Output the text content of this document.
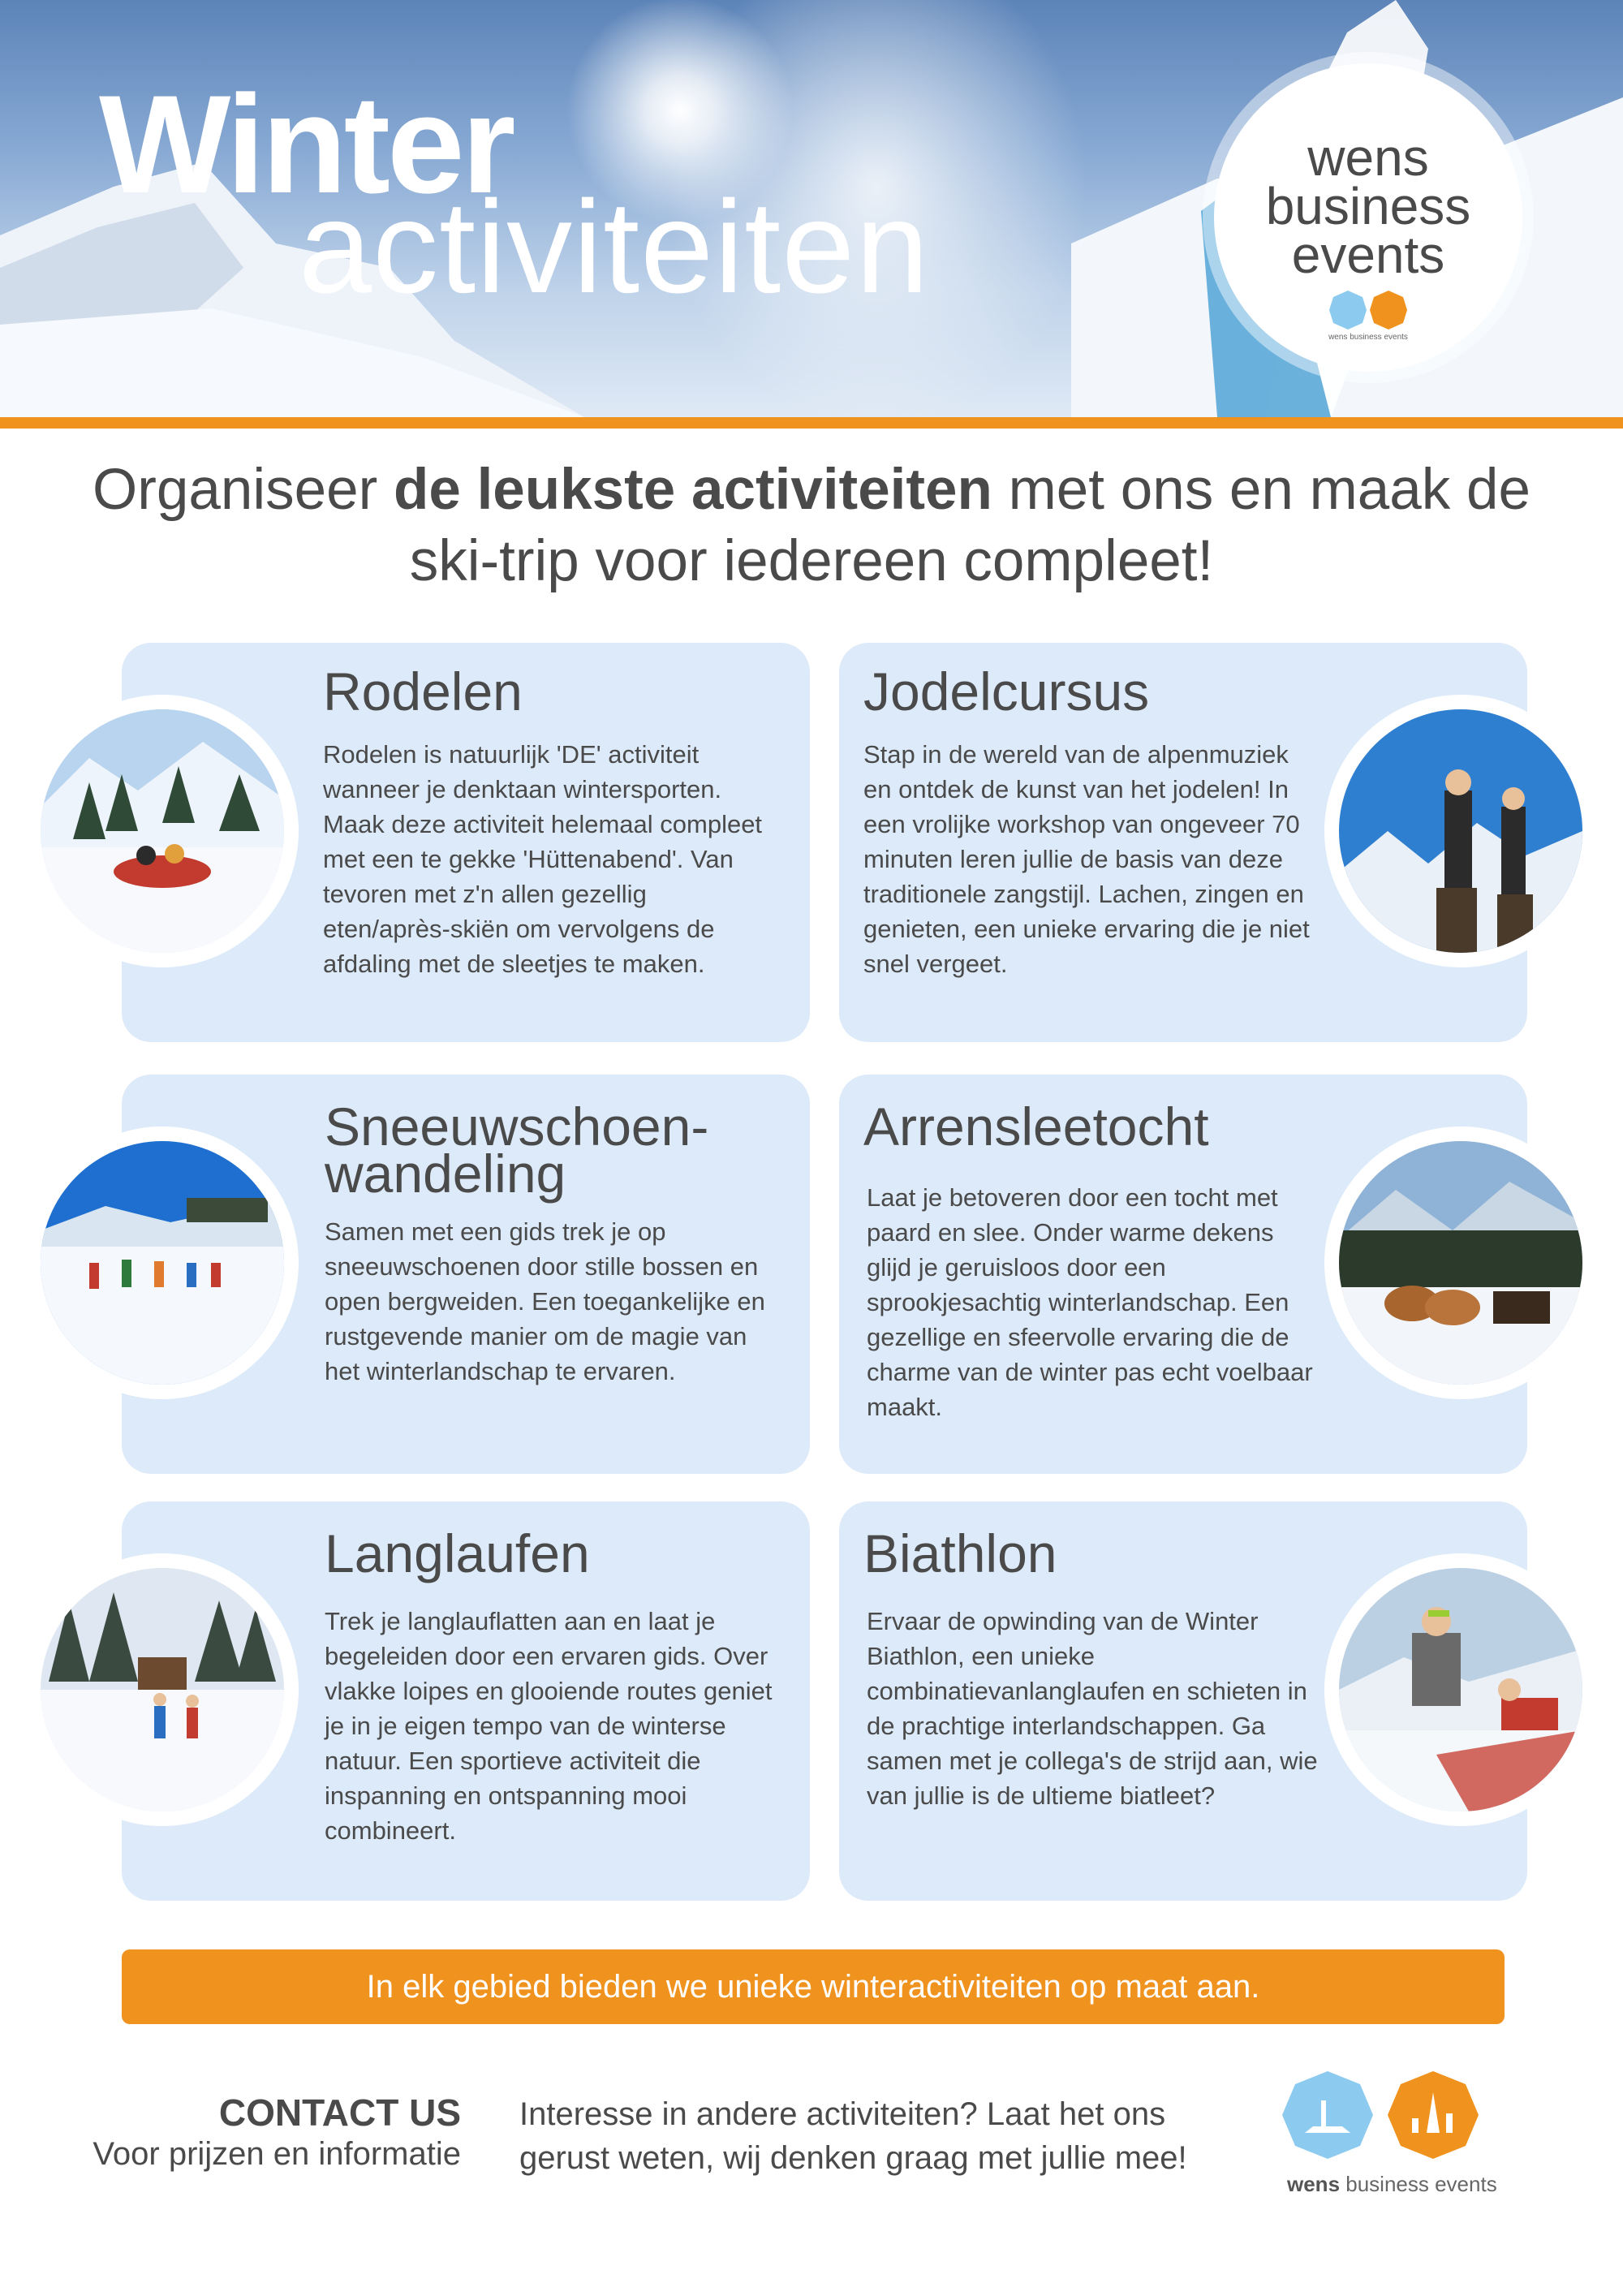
Winter
activiteiten
wens
business
events
wens business events
Organiseer de leukste activiteiten met ons en maak de ski-trip voor iedereen compleet!
Rodelen

Rodelen is natuurlijk 'DE' activiteit wanneer je denktaan wintersporten. Maak deze activiteit helemaal compleet met een te gekke 'Hüttenabend'. Van tevoren met z'n allen gezellig eten/après-skiën om vervolgens de afdaling met de sleetjes te maken.

Jodelcursus

Stap in de wereld van de alpenmuziek en ontdek de kunst van het jodelen! In een vrolijke workshop van ongeveer 70 minuten leren jullie de basis van deze traditionele zangstijl. Lachen, zingen en genieten, een unieke ervaring die je niet snel vergeet.

Sneeuwschoen-
wandeling

Samen met een gids trek je op sneeuwschoenen door stille bossen en open bergweiden. Een toegankelijke en rustgevende manier om de magie van het winterlandschap te ervaren.

Arrensleetocht

Laat je betoveren door een tocht met paard en slee. Onder warme dekens glijd je geruisloos door een sprookjesachtig winterlandschap. Een gezellige en sfeervolle ervaring die de charme van de winter pas echt voelbaar maakt.

Langlaufen

Trek je langlauflatten aan en laat je begeleiden door een ervaren gids. Over vlakke loipes en glooiende routes geniet je in je eigen tempo van de winterse natuur. Een sportieve activiteit die inspanning en ontspanning mooi combineert.

Biathlon

Ervaar de opwinding van de Winter Biathlon, een unieke combinatievanlanglaufen en schieten in de prachtige interlandschappen. Ga samen met je collega's de strijd aan, wie van jullie is de ultieme biatleet?

In elk gebied bieden we unieke winteractiviteiten op maat aan.
CONTACT US
Voor prijzen en informatie
Interesse in andere activiteiten? Laat het ons gerust weten, wij denken graag met jullie mee!
wens business events
